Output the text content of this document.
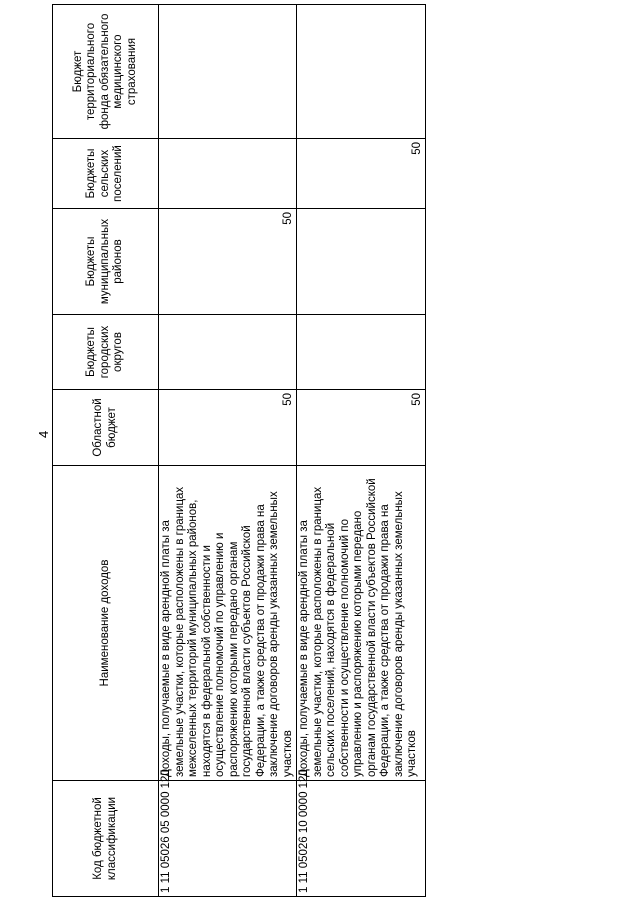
4
Код бюджетной классификации	Наименование доходов	Областной бюджет	Бюджеты городских округов	Бюджеты муниципальных районов	Бюджеты сельских поселений	Бюджет территориального фонда обязательного медицинского страхования
1 11 05026 05 0000 120	Доходы, получаемые в виде арендной платы за земельные участки, которые расположены в границах межселенных территорий муниципальных районов, находятся в федеральной собственности и осуществление полномочий по управлению и распоряжению которыми передано органам государственной власти субъектов Российской Федерации, а также средства от продажи права на заключение договоров аренды указанных земельных участков	50		50		
1 11 05026 10 0000 120	Доходы, получаемые в виде арендной платы за земельные участки, которые расположены в границах сельских поселений, находятся в федеральной собственности и осуществление полномочий по управлению и распоряжению которыми передано органам государственной власти субъектов Российской Федерации, а также средства от продажи права на заключение договоров аренды указанных земельных участков	50			50	
